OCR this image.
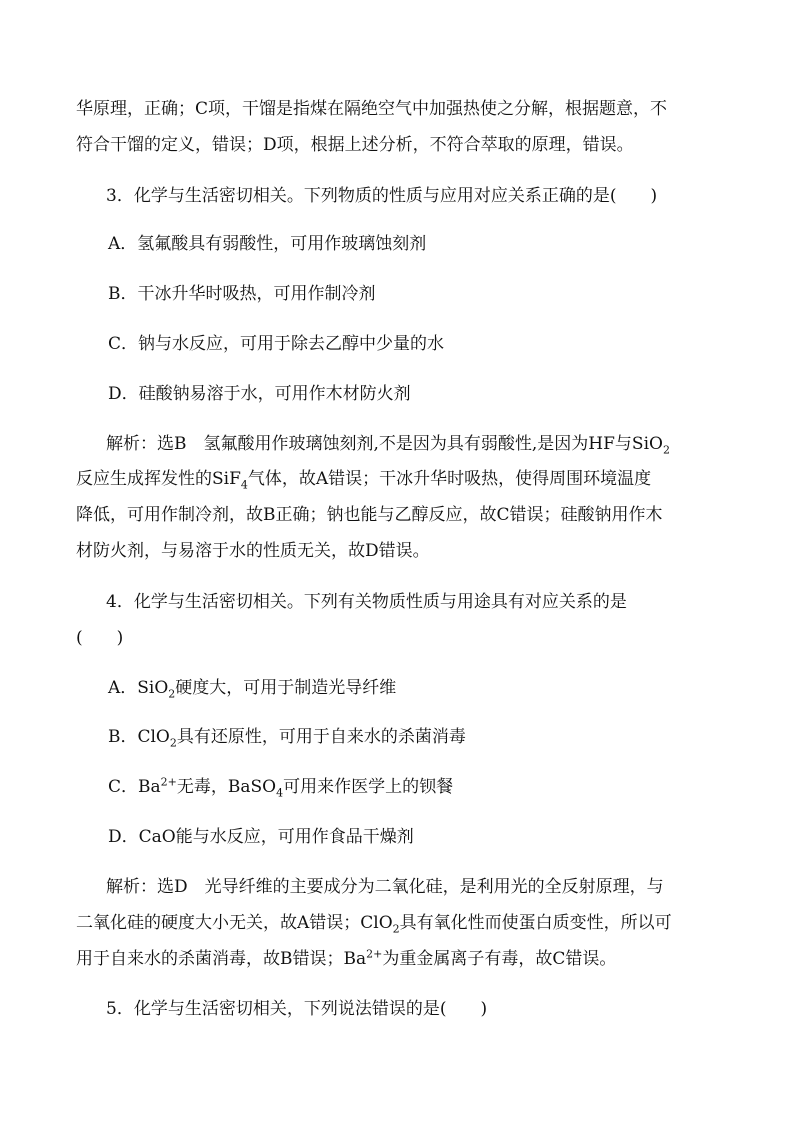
华原理，正确；C项，干馏是指煤在隔绝空气中加强热使之分解，根据题意，不
符合干馏的定义，错误；D项，根据上述分析，不符合萃取的原理，错误。
3．化学与生活密切相关。下列物质的性质与应用对应关系正确的是(　　)
A．氢氟酸具有弱酸性，可用作玻璃蚀刻剂
B．干冰升华时吸热，可用作制冷剂
C．钠与水反应，可用于除去乙醇中少量的水
D．硅酸钠易溶于水，可用作木材防火剂
解析：选B　氢氟酸用作玻璃蚀刻剂,不是因为具有弱酸性,是因为HF与SiO$_2$
反应生成挥发性的SiF$_4$气体，故A错误；干冰升华时吸热，使得周围环境温度
降低，可用作制冷剂，故B正确；钠也能与乙醇反应，故C错误；硅酸钠用作木
材防火剂，与易溶于水的性质无关，故D错误。
4．化学与生活密切相关。下列有关物质性质与用途具有对应关系的是
(　　)
A．SiO$_2$硬度大，可用于制造光导纤维
B．ClO$_2$具有还原性，可用于自来水的杀菌消毒
C．$Ba^{2+}$无毒，BaSO$_4$可用来作医学上的钡餐
D．CaO能与水反应，可用作食品干燥剂
解析：选D　光导纤维的主要成分为二氧化硅，是利用光的全反射原理，与
二氧化硅的硬度大小无关，故A错误；ClO$_2$具有氧化性而使蛋白质变性，所以可
用于自来水的杀菌消毒，故B错误；$Ba^{2+}$为重金属离子有毒，故C错误。
5．化学与生活密切相关，下列说法错误的是(　　)
